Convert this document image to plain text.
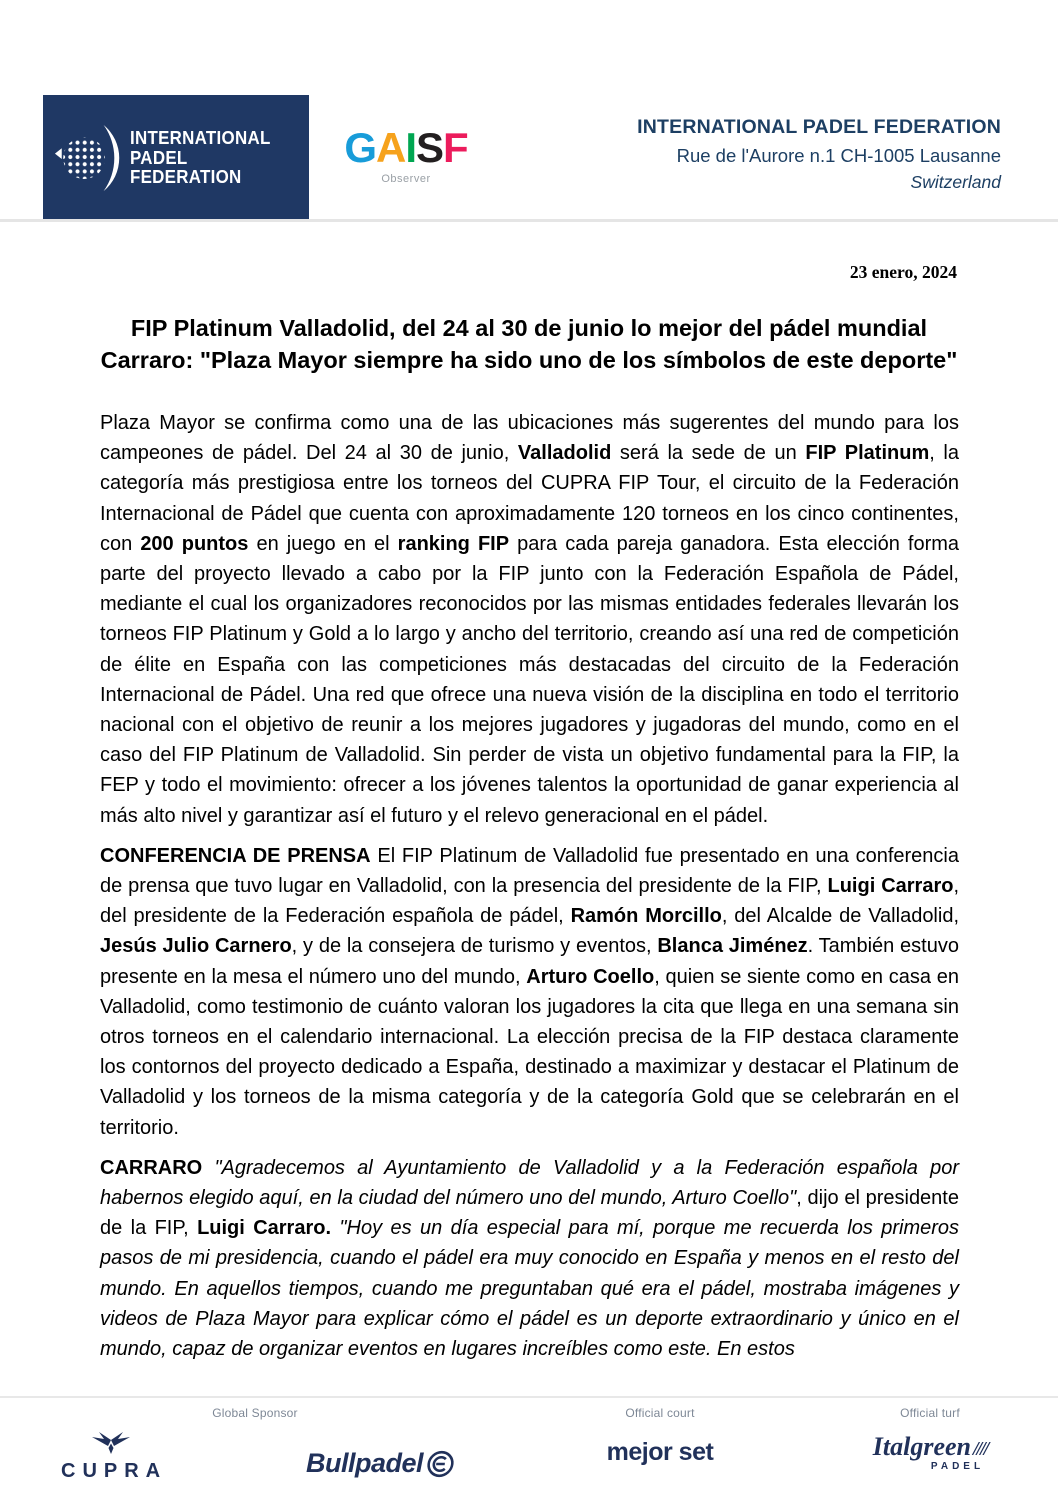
INTERNATIONAL
PADEL
FEDERATION
GAISF
Observer
INTERNATIONAL PADEL FEDERATION
Rue de l'Aurore n.1 CH-1005 Lausanne
Switzerland
23 enero, 2024
FIP Platinum Valladolid, del 24 al 30 de junio lo mejor del pádel mundial
Carraro: "Plaza Mayor siempre ha sido uno de los símbolos de este deporte"

Plaza Mayor se confirma como una de las ubicaciones más sugerentes del mundo para los campeones de pádel. Del 24 al 30 de junio, Valladolid será la sede de un FIP Platinum, la categoría más prestigiosa entre los torneos del CUPRA FIP Tour, el circuito de la Federación Internacional de Pádel que cuenta con aproximadamente 120 torneos en los cinco continentes, con 200 puntos en juego en el ranking FIP para cada pareja ganadora. Esta elección forma parte del proyecto llevado a cabo por la FIP junto con la Federación Española de Pádel, mediante el cual los organizadores reconocidos por las mismas entidades federales llevarán los torneos FIP Platinum y Gold a lo largo y ancho del territorio, creando así una red de competición de élite en España con las competiciones más destacadas del circuito de la Federación Internacional de Pádel. Una red que ofrece una nueva visión de la disciplina en todo el territorio nacional con el objetivo de reunir a los mejores jugadores y jugadoras del mundo, como en el caso del FIP Platinum de Valladolid. Sin perder de vista un objetivo fundamental para la FIP, la FEP y todo el movimiento: ofrecer a los jóvenes talentos la oportunidad de ganar experiencia al más alto nivel y garantizar así el futuro y el relevo generacional en el pádel.

CONFERENCIA DE PRENSA El FIP Platinum de Valladolid fue presentado en una conferencia de prensa que tuvo lugar en Valladolid, con la presencia del presidente de la FIP, Luigi Carraro, del presidente de la Federación española de pádel, Ramón Morcillo, del Alcalde de Valladolid, Jesús Julio Carnero, y de la consejera de turismo y eventos, Blanca Jiménez. También estuvo presente en la mesa el número uno del mundo, Arturo Coello, quien se siente como en casa en Valladolid, como testimonio de cuánto valoran los jugadores la cita que llega en una semana sin otros torneos en el calendario internacional. La elección precisa de la FIP destaca claramente los contornos del proyecto dedicado a España, destinado a maximizar y destacar el Platinum de Valladolid y los torneos de la misma categoría y de la categoría Gold que se celebrarán en el territorio.

CARRARO "Agradecemos al Ayuntamiento de Valladolid y a la Federación española por habernos elegido aquí, en la ciudad del número uno del mundo, Arturo Coello", dijo el presidente de la FIP, Luigi Carraro. "Hoy es un día especial para mí, porque me recuerda los primeros pasos de mi presidencia, cuando el pádel era muy conocido en España y menos en el resto del mundo. En aquellos tiempos, cuando me preguntaban qué era el pádel, mostraba imágenes y videos de Plaza Mayor para explicar cómo el pádel es un deporte extraordinario y único en el mundo, capaz de organizar eventos en lugares increíbles como este. En estos

Global Sponsor
CUPRA	Bullpadel
Official court
mejor set
Official turf
Italgreen ////
PADEL
